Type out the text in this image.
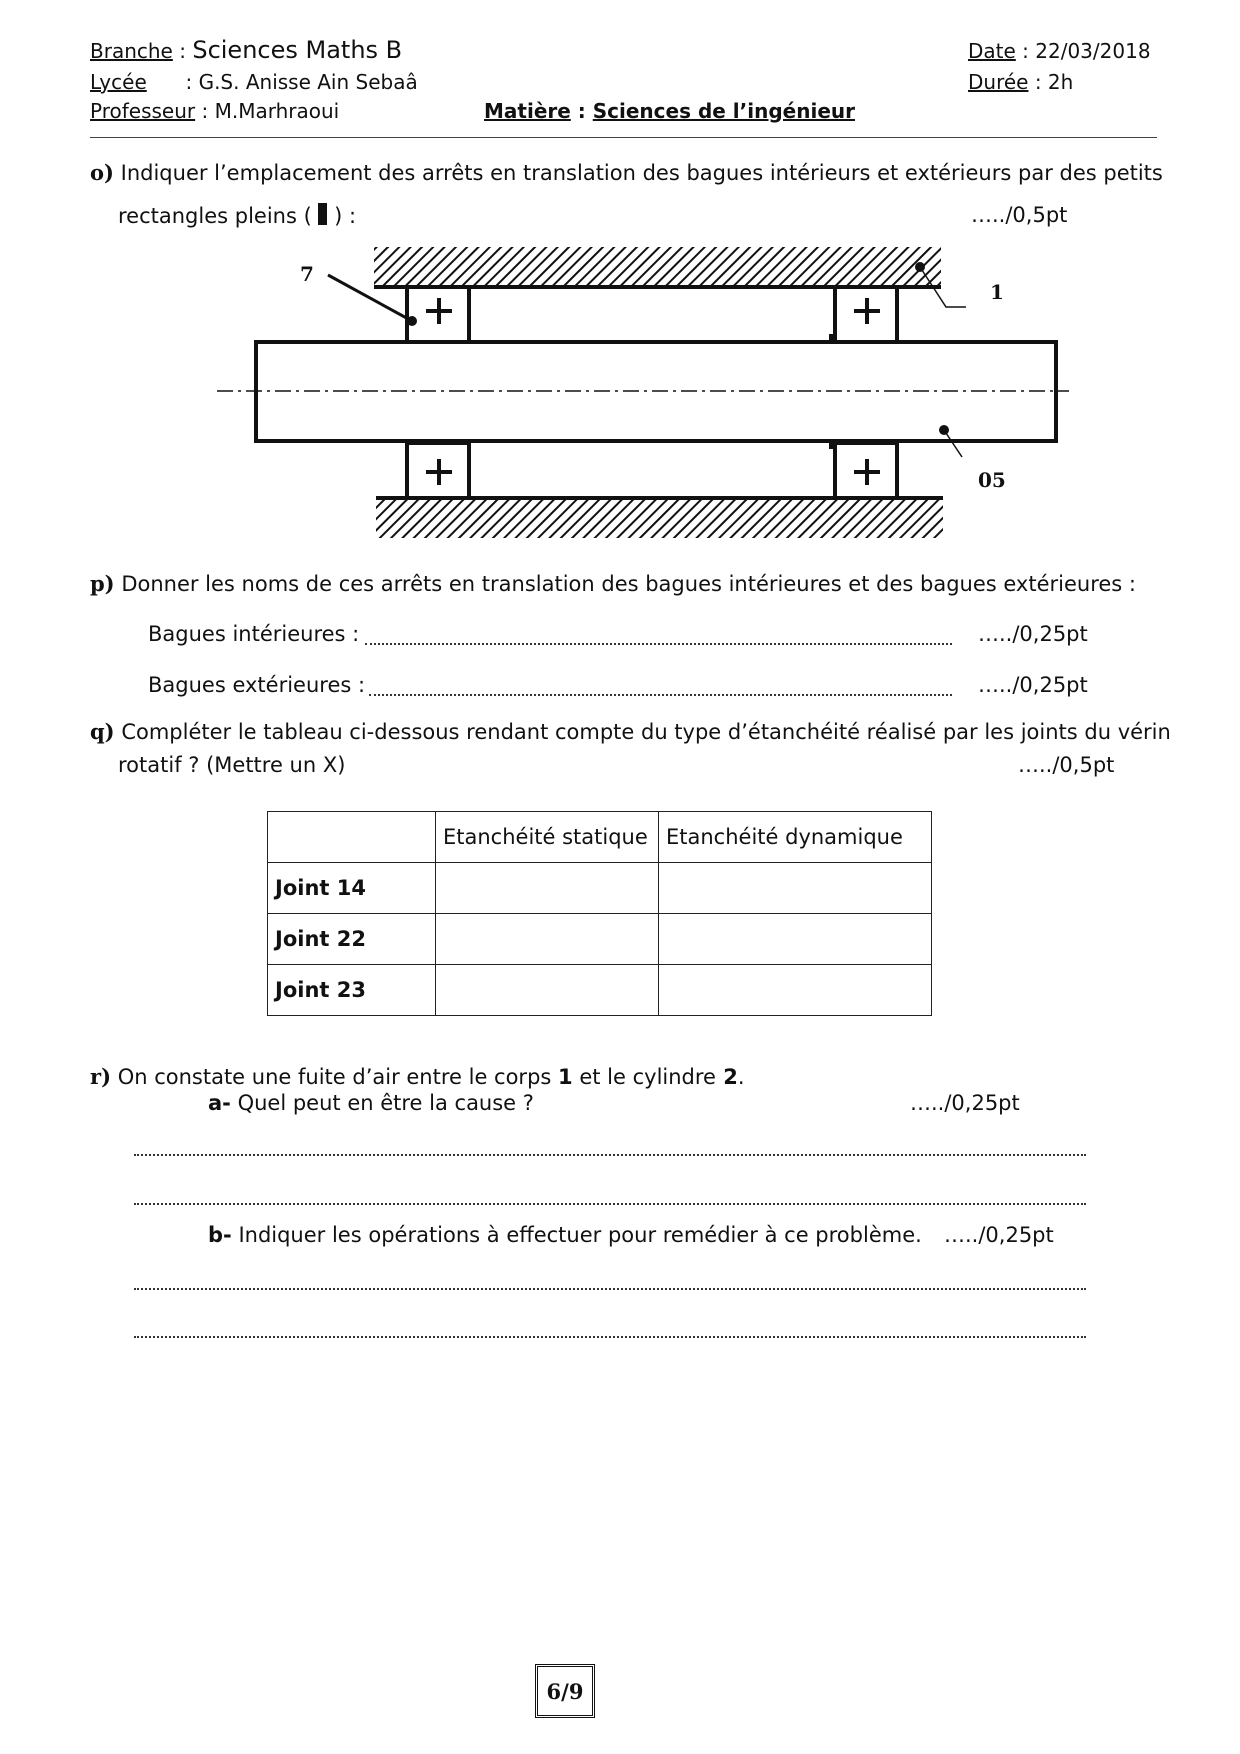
Branche : Sciences Maths B
Lycée : G.S. Anisse Ain Sebaâ
Professeur : M.Marhraoui	Matière : Sciences de l’ingénieur
Date : 22/03/2018
Durée : 2h
o) Indiquer l’emplacement des arrêts en translation des bagues intérieurs et extérieurs par des petits
rectangles pleins ( ) :	…../0,5pt
7
1
05
p) Donner les noms de ces arrêts en translation des bagues intérieures et des bagues extérieures :
Bagues intérieures :	…../0,25pt
Bagues extérieures :	…../0,25pt
q) Compléter le tableau ci-dessous rendant compte du type d’étanchéité réalisé par les joints du vérin
rotatif ? (Mettre un X)	…../0,5pt
	Etanchéité statique	Etanchéité dynamique
Joint 14		
Joint 22		
Joint 23		
r) On constate une fuite d’air entre le corps 1 et le cylindre 2.
a- Quel peut en être la cause ?	…../0,25pt
b- Indiquer les opérations à effectuer pour remédier à ce problème. …../0,25pt
6/9
